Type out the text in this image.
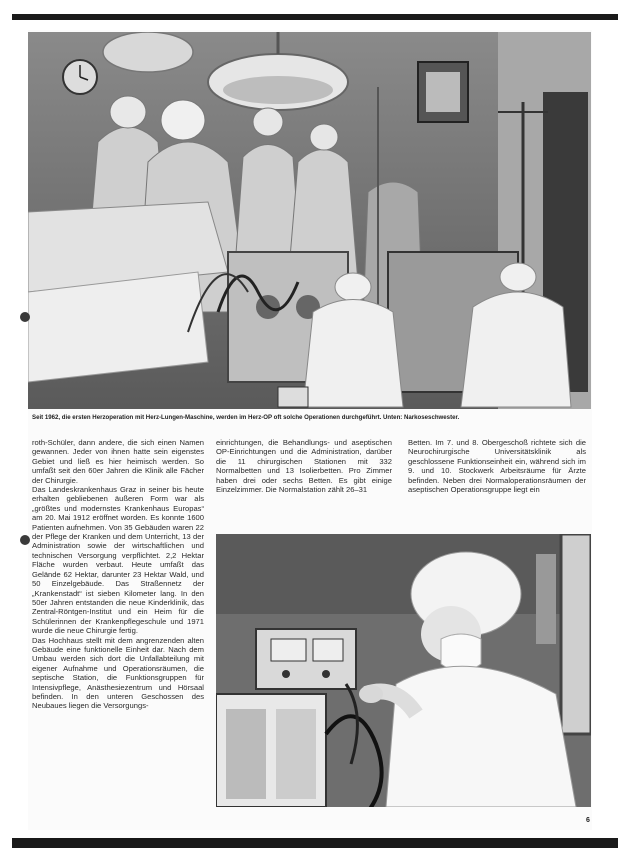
Seit 1962, die ersten Herzoperation mit Herz-Lungen-Maschine, werden im Herz-OP oft solche Operationen durchgeführt. Unten: Narkoseschwester.

roth-Schüler, dann andere, die sich einen Namen gewannen. Jeder von ihnen hatte sein eigenstes Gebiet und ließ es hier heimisch werden. So umfaßt seit den 60er Jahren die Klinik alle Fächer der Chirurgie.

Das Landeskrankenhaus Graz in seiner bis heute erhalten gebliebenen äußeren Form war als „größtes und modernstes Krankenhaus Europas“ am 20. Mai 1912 eröffnet worden. Es konnte 1600 Patienten aufnehmen. Von 35 Gebäuden waren 22 der Pflege der Kranken und dem Unterricht, 13 der Administration sowie der wirtschaftlichen und technischen Versorgung verpflichtet. 2,2 Hektar Fläche wurden verbaut. Heute umfaßt das Gelände 62 Hektar, darunter 23 Hektar Wald, und 50 Einzelgebäude. Das Straßennetz der „Krankenstadt“ ist sieben Kilometer lang. In den 50er Jahren entstanden die neue Kinderklinik, das Zentral-Röntgen-Institut und ein Heim für die Schülerinnen der Krankenpflegeschule und 1971 wurde die neue Chirurgie fertig.

Das Hochhaus stellt mit dem angrenzenden alten Gebäude eine funktionelle Einheit dar. Nach dem Umbau werden sich dort die Unfallabteilung mit eigener Aufnahme und Operationsräumen, die septische Station, die Funktionsgruppen für Intensivpflege, Anästhesiezentrum und Hörsaal befinden. In den unteren Geschossen des Neubaues liegen die Versorgungs-

einrichtungen, die Behandlungs- und aseptischen OP-Einrichtungen und die Administration, darüber die 11 chirurgischen Stationen mit 332 Normalbetten und 13 Isolierbetten. Pro Zimmer haben drei oder sechs Betten. Es gibt einige Einzelzimmer. Die Normalstation zählt 26–31

Betten. Im 7. und 8. Obergeschoß richtete sich die Neurochirurgische Universitätsklinik als geschlossene Funktionseinheit ein, während sich im 9. und 10. Stockwerk Arbeitsräume für Ärzte befinden. Neben drei Normaloperationsräumen der aseptischen Operationsgruppe liegt ein

6
